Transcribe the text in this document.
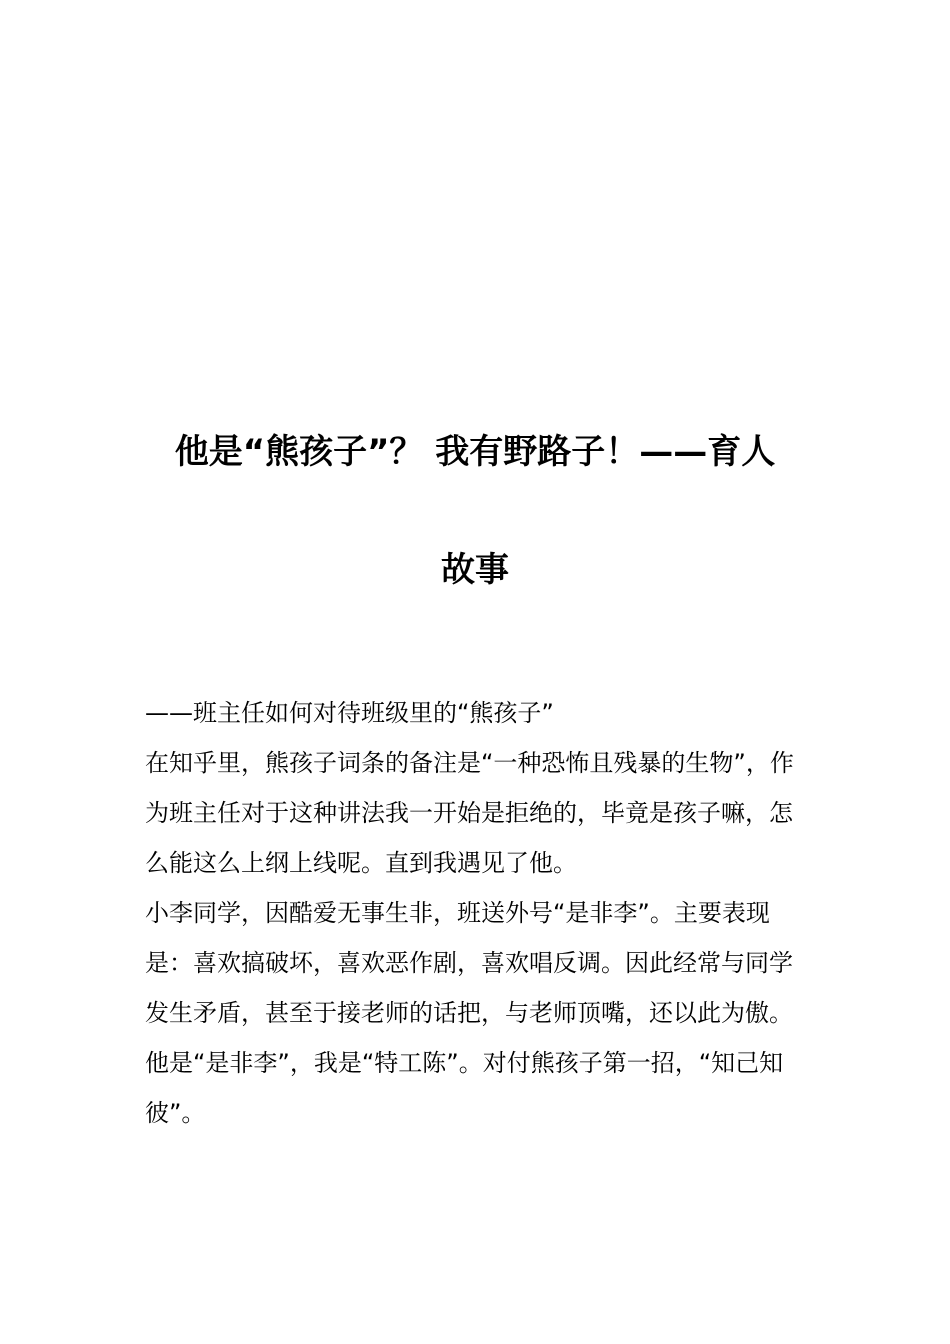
他是“熊孩子”？ 我有野路子！——育人
故事

——班主任如何对待班级里的“熊孩子”

在知乎里，熊孩子词条的备注是“一种恐怖且残暴的生物”，作为班主任对于这种讲法我一开始是拒绝的，毕竟是孩子嘛，怎么能这么上纲上线呢。直到我遇见了他。

小李同学，因酷爱无事生非，班送外号“是非李”。主要表现是：喜欢搞破坏，喜欢恶作剧，喜欢唱反调。因此经常与同学发生矛盾，甚至于接老师的话把，与老师顶嘴，还以此为傲。

他是“是非李”，我是“特工陈”。对付熊孩子第一招，“知己知彼”。
